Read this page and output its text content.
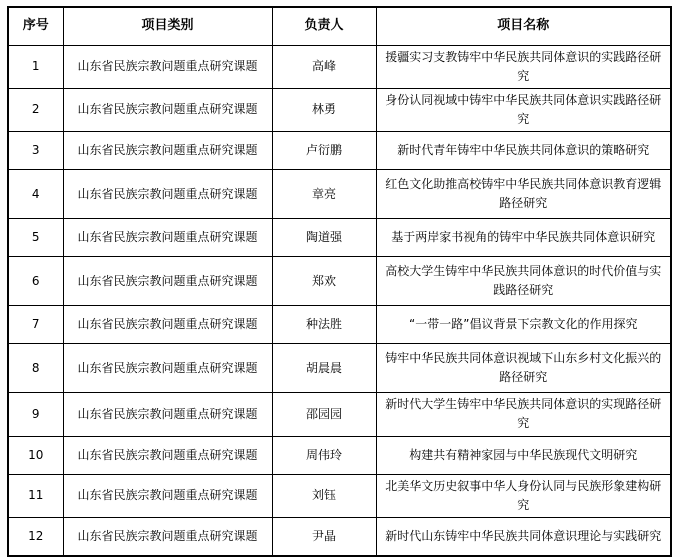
序号	项目类别	负责人	项目名称
1	山东省民族宗教问题重点研究课题	高峰	援疆实习支教铸牢中华民族共同体意识的实践路径研究
2	山东省民族宗教问题重点研究课题	林勇	身份认同视域中铸牢中华民族共同体意识实践路径研究
3	山东省民族宗教问题重点研究课题	卢衍鹏	新时代青年铸牢中华民族共同体意识的策略研究
4	山东省民族宗教问题重点研究课题	章亮	红色文化助推高校铸牢中华民族共同体意识教育逻辑路径研究
5	山东省民族宗教问题重点研究课题	陶道强	基于两岸家书视角的铸牢中华民族共同体意识研究
6	山东省民族宗教问题重点研究课题	郑欢	高校大学生铸牢中华民族共同体意识的时代价值与实践路径研究
7	山东省民族宗教问题重点研究课题	种法胜	“一带一路”倡议背景下宗教文化的作用探究
8	山东省民族宗教问题重点研究课题	胡晨晨	铸牢中华民族共同体意识视域下山东乡村文化振兴的路径研究
9	山东省民族宗教问题重点研究课题	邵园园	新时代大学生铸牢中华民族共同体意识的实现路径研究
10	山东省民族宗教问题重点研究课题	周伟玲	构建共有精神家园与中华民族现代文明研究
11	山东省民族宗教问题重点研究课题	刘钰	北美华文历史叙事中华人身份认同与民族形象建构研究
12	山东省民族宗教问题重点研究课题	尹晶	新时代山东铸牢中华民族共同体意识理论与实践研究
